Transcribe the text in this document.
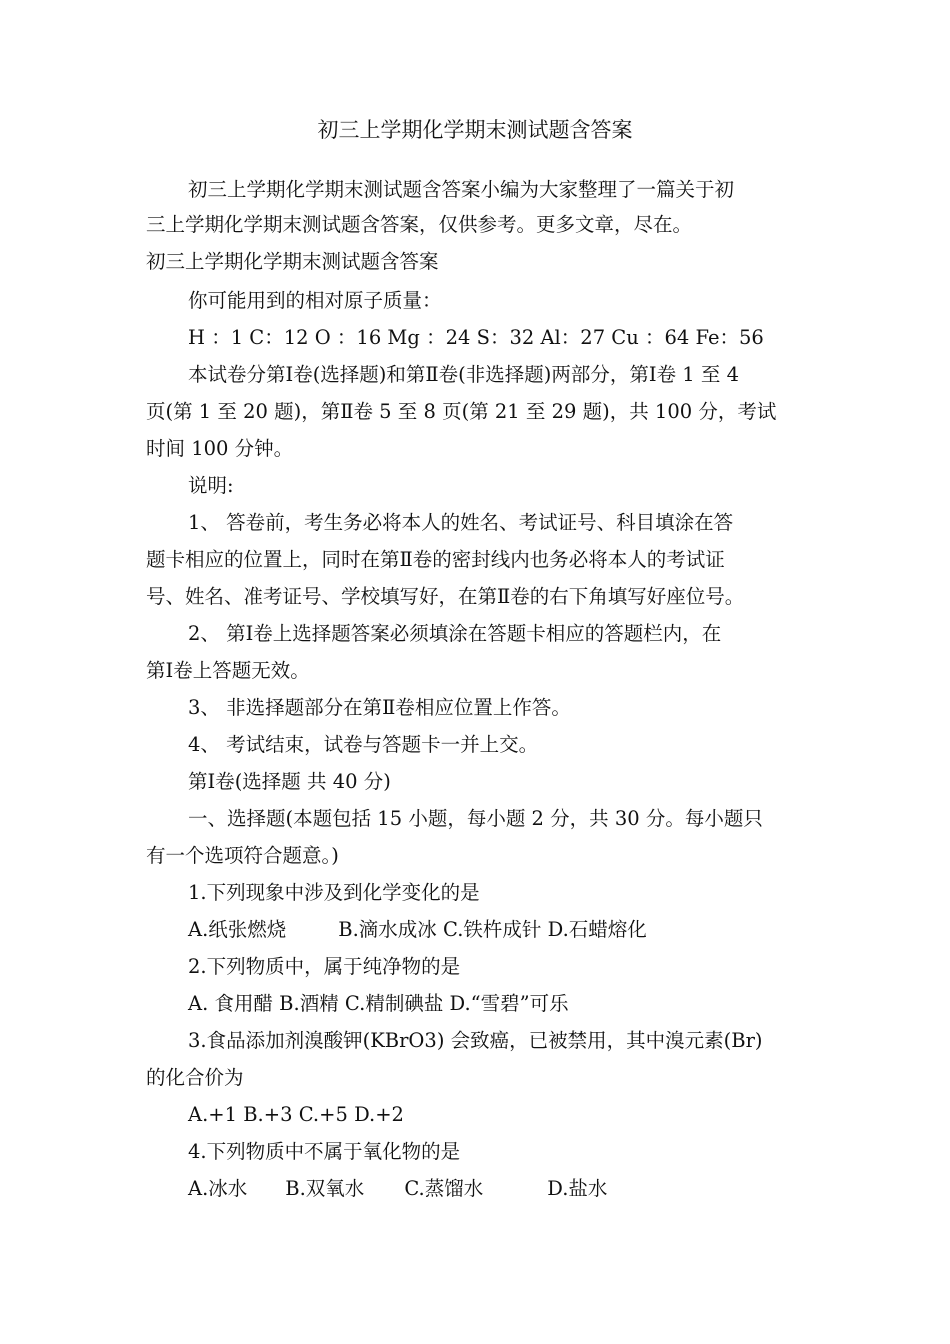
初三上学期化学期末测试题含答案
初三上学期化学期末测试题含答案小编为大家整理了一篇关于初
三上学期化学期末测试题含答案，仅供参考。更多文章，尽在。
初三上学期化学期末测试题含答案
你可能用到的相对原子质量：
H ：1 C：12 O ：16 Mg ：24 S：32 Al：27 Cu ：64 Fe：56
本试卷分第Ⅰ卷(选择题)和第Ⅱ卷(非选择题)两部分，第Ⅰ卷 1 至 4
页(第 1 至 20 题)，第Ⅱ卷 5 至 8 页(第 21 至 29 题)，共 100 分，考试
时间 100 分钟。
说明:
1、 答卷前，考生务必将本人的姓名、考试证号、科目填涂在答
题卡相应的位置上，同时在第Ⅱ卷的密封线内也务必将本人的考试证
号、姓名、准考证号、学校填写好，在第Ⅱ卷的右下角填写好座位号。
2、 第Ⅰ卷上选择题答案必须填涂在答题卡相应的答题栏内，在
第Ⅰ卷上答题无效。
3、 非选择题部分在第Ⅱ卷相应位置上作答。
4、 考试结束，试卷与答题卡一并上交。
第Ⅰ卷(选择题 共 40 分)
一、选择题(本题包括 15 小题，每小题 2 分，共 30 分。每小题只
有一个选项符合题意。)
1.下列现象中涉及到化学变化的是
A.纸张燃烧	B.滴水成冰 C.铁杵成针 D.石蜡熔化
2.下列物质中，属于纯净物的是
A. 食用醋 B.酒精 C.精制碘盐 D.“雪碧”可乐
3.食品添加剂溴酸钾(KBrO3) 会致癌，已被禁用，其中溴元素(Br)
的化合价为
A.+1 B.+3 C.+5 D.+2
4.下列物质中不属于氧化物的是
A.冰水 B.双氧水 C.蒸馏水	D.盐水
